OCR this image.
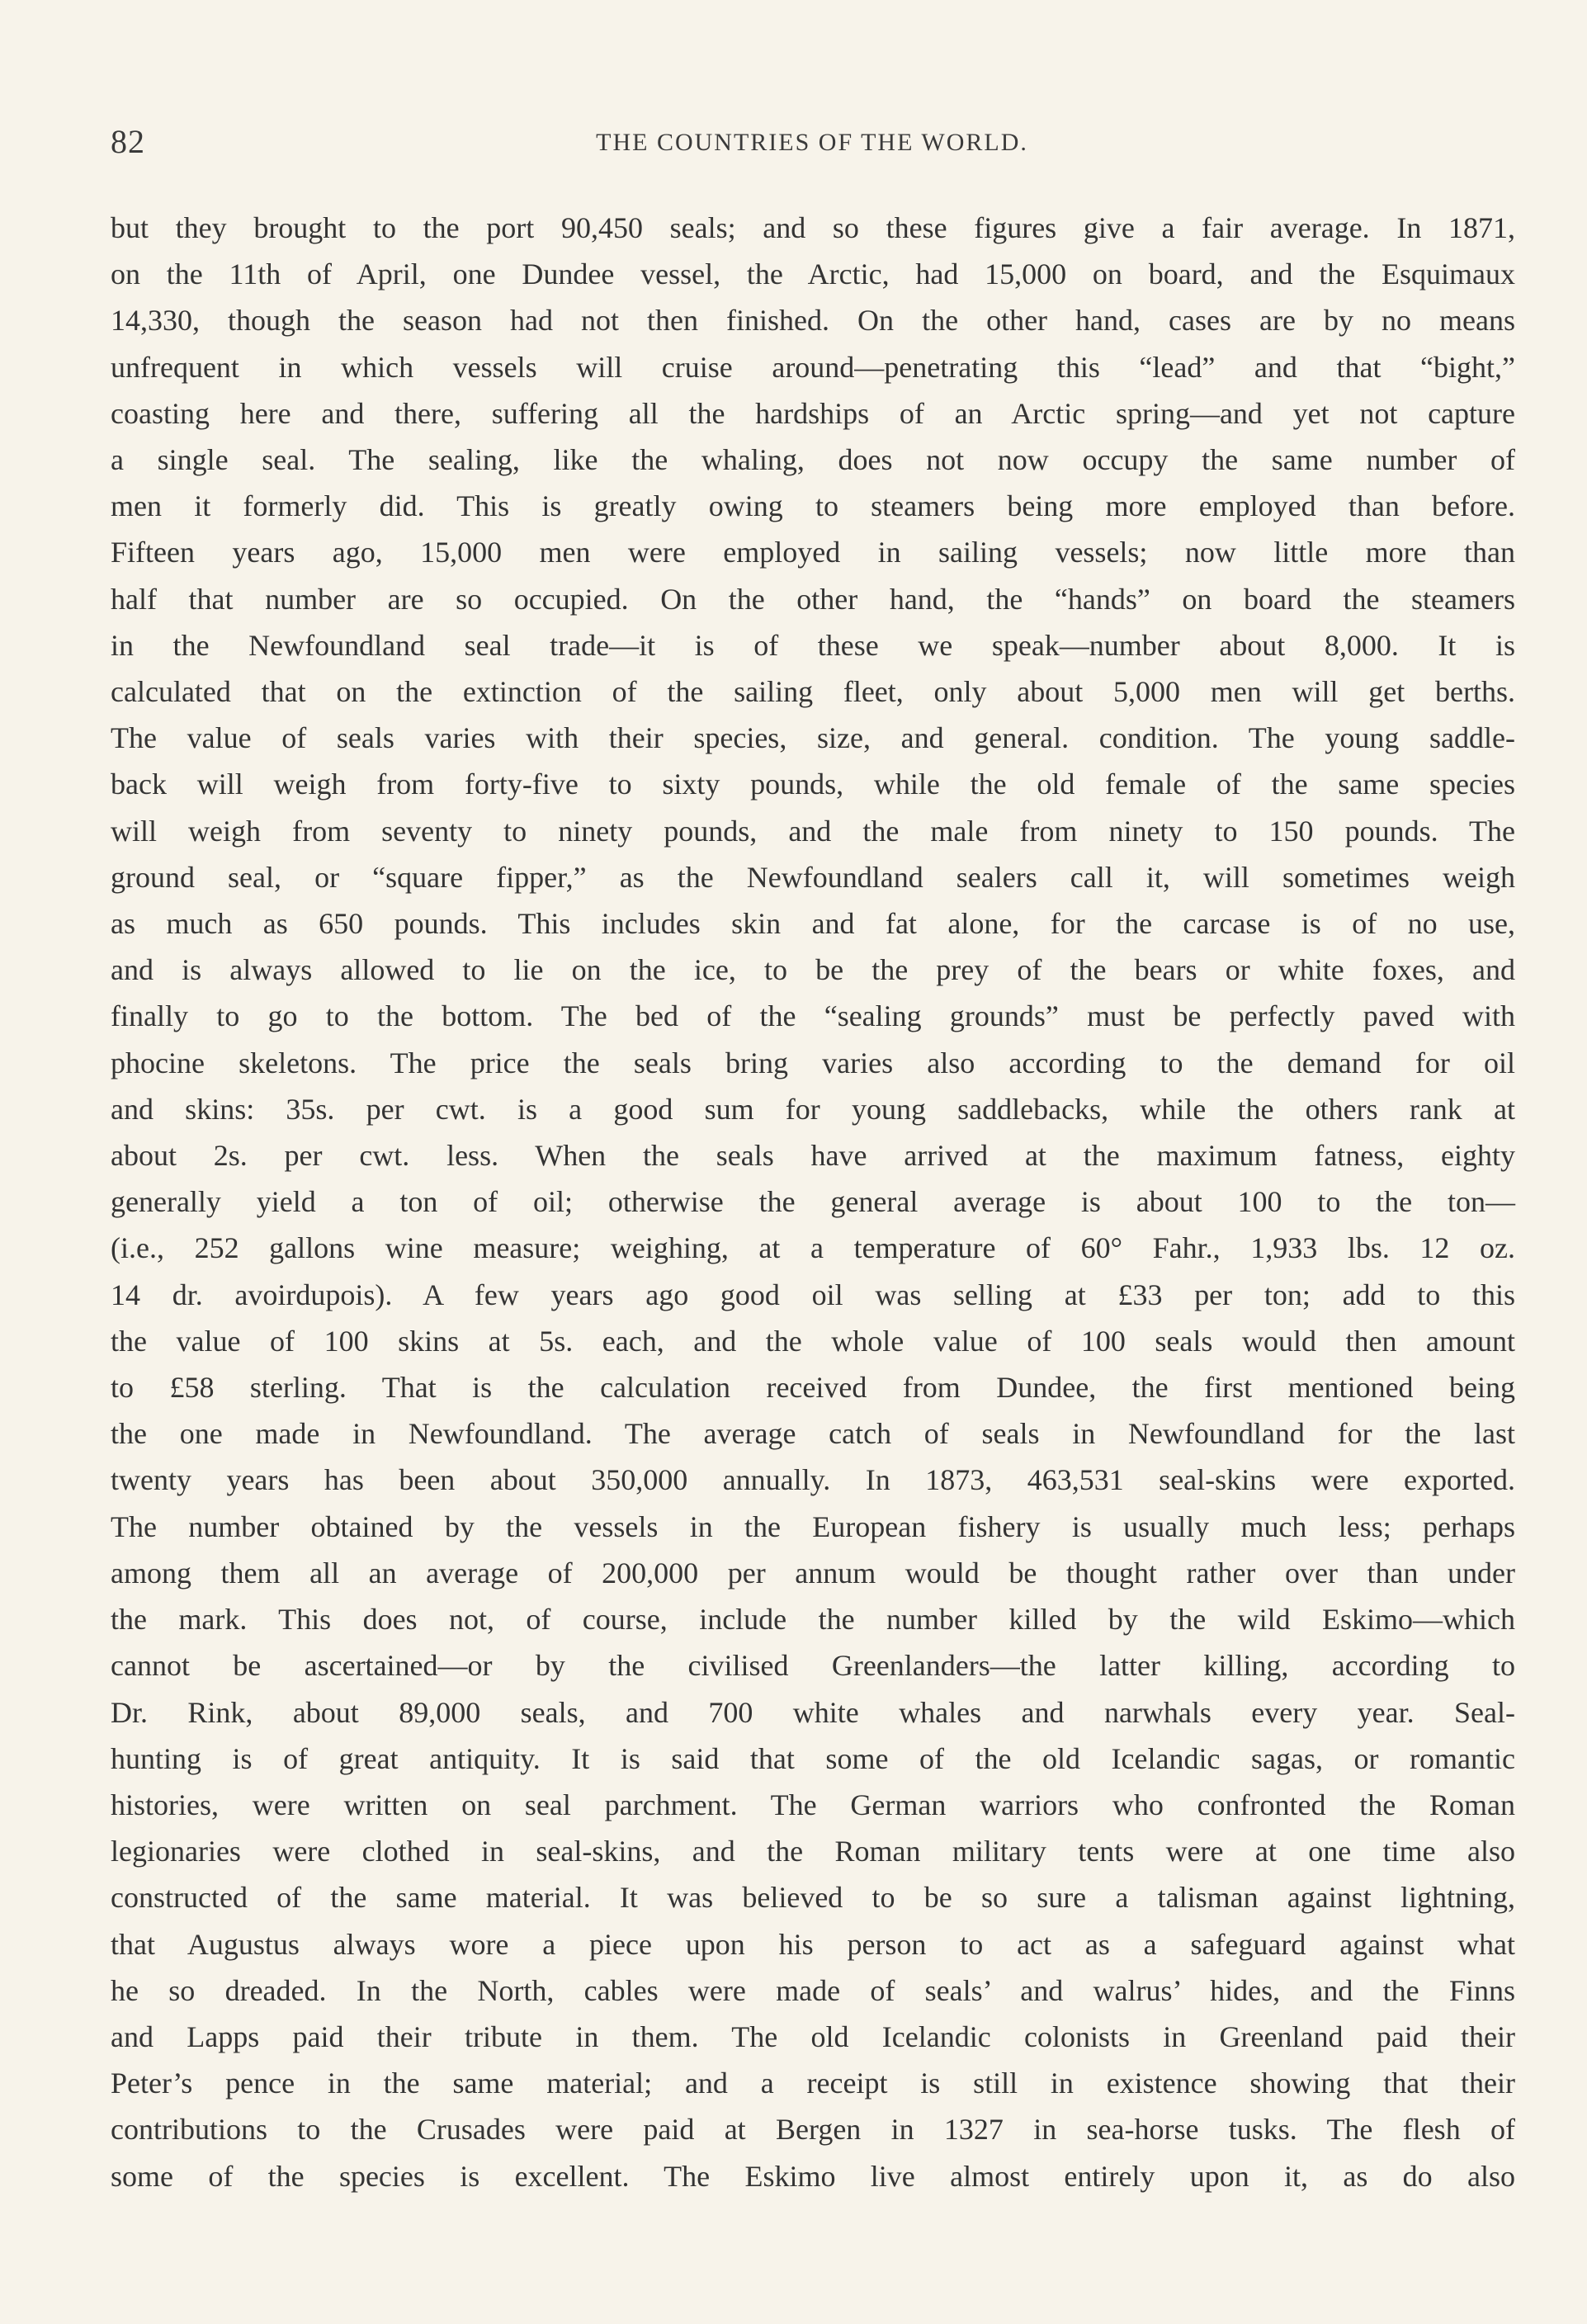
82	THE COUNTRIES OF THE WORLD.
but they brought to the port 90,450 seals; and so these figures give a fair average. In 1871,
on the 11th of April, one Dundee vessel, the Arctic, had 15,000 on board, and the Esquimaux
14,330, though the season had not then finished. On the other hand, cases are by no means
unfrequent in which vessels will cruise around—penetrating this “lead” and that “bight,”
coasting here and there, suffering all the hardships of an Arctic spring—and yet not capture
a single seal. The sealing, like the whaling, does not now occupy the same number of
men it formerly did. This is greatly owing to steamers being more employed than before.
Fifteen years ago, 15,000 men were employed in sailing vessels; now little more than
half that number are so occupied. On the other hand, the “hands” on board the steamers
in the Newfoundland seal trade—it is of these we speak—number about 8,000. It is
calculated that on the extinction of the sailing fleet, only about 5,000 men will get berths.
The value of seals varies with their species, size, and general. condition. The young saddle-
back will weigh from forty-five to sixty pounds, while the old female of the same species
will weigh from seventy to ninety pounds, and the male from ninety to 150 pounds. The
ground seal, or “square fipper,” as the Newfoundland sealers call it, will sometimes weigh
as much as 650 pounds. This includes skin and fat alone, for the carcase is of no use,
and is always allowed to lie on the ice, to be the prey of the bears or white foxes, and
finally to go to the bottom. The bed of the “sealing grounds” must be perfectly paved with
phocine skeletons. The price the seals bring varies also according to the demand for oil
and skins: 35s. per cwt. is a good sum for young saddlebacks, while the others rank at
about 2s. per cwt. less. When the seals have arrived at the maximum fatness, eighty
generally yield a ton of oil; otherwise the general average is about 100 to the ton—
(i.e., 252 gallons wine measure; weighing, at a temperature of 60° Fahr., 1,933 lbs. 12 oz.
14 dr. avoirdupois). A few years ago good oil was selling at £33 per ton; add to this
the value of 100 skins at 5s. each, and the whole value of 100 seals would then amount
to £58 sterling. That is the calculation received from Dundee, the first mentioned being
the one made in Newfoundland. The average catch of seals in Newfoundland for the last
twenty years has been about 350,000 annually. In 1873, 463,531 seal-skins were exported.
The number obtained by the vessels in the European fishery is usually much less; perhaps
among them all an average of 200,000 per annum would be thought rather over than under
the mark. This does not, of course, include the number killed by the wild Eskimo—which
cannot be ascertained—or by the civilised Greenlanders—the latter killing, according to
Dr. Rink, about 89,000 seals, and 700 white whales and narwhals every year. Seal-
hunting is of great antiquity. It is said that some of the old Icelandic sagas, or romantic
histories, were written on seal parchment. The German warriors who confronted the Roman
legionaries were clothed in seal-skins, and the Roman military tents were at one time also
constructed of the same material. It was believed to be so sure a talisman against lightning,
that Augustus always wore a piece upon his person to act as a safeguard against what
he so dreaded. In the North, cables were made of seals’ and walrus’ hides, and the Finns
and Lapps paid their tribute in them. The old Icelandic colonists in Greenland paid their
Peter’s pence in the same material; and a receipt is still in existence showing that their
contributions to the Crusades were paid at Bergen in 1327 in sea-horse tusks. The flesh of
some of the species is excellent. The Eskimo live almost entirely upon it, as do also
